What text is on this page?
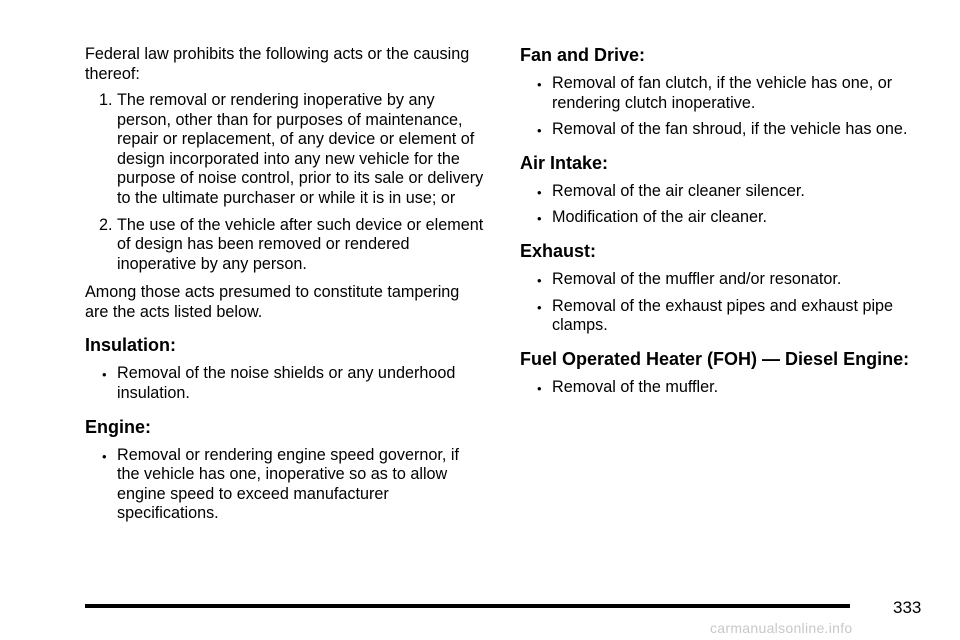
Federal law prohibits the following acts or the causing thereof:

1. The removal or rendering inoperative by any person, other than for purposes of maintenance, repair or replacement, of any device or element of design incorporated into any new vehicle for the purpose of noise control, prior to its sale or delivery to the ultimate purchaser or while it is in use; or
2. The use of the vehicle after such device or element of design has been removed or rendered inoperative by any person.

Among those acts presumed to constitute tampering are the acts listed below.

Insulation:
• Removal of the noise shields or any underhood insulation.
Engine:
• Removal or rendering engine speed governor, if the vehicle has one, inoperative so as to allow engine speed to exceed manufacturer specifications.
Fan and Drive:
• Removal of fan clutch, if the vehicle has one, or rendering clutch inoperative.
• Removal of the fan shroud, if the vehicle has one.
Air Intake:
• Removal of the air cleaner silencer.
• Modification of the air cleaner.
Exhaust:
• Removal of the muffler and/or resonator.
• Removal of the exhaust pipes and exhaust pipe clamps.
Fuel Operated Heater (FOH) — Diesel Engine:
• Removal of the muffler.
333
carmanualsonline.info
